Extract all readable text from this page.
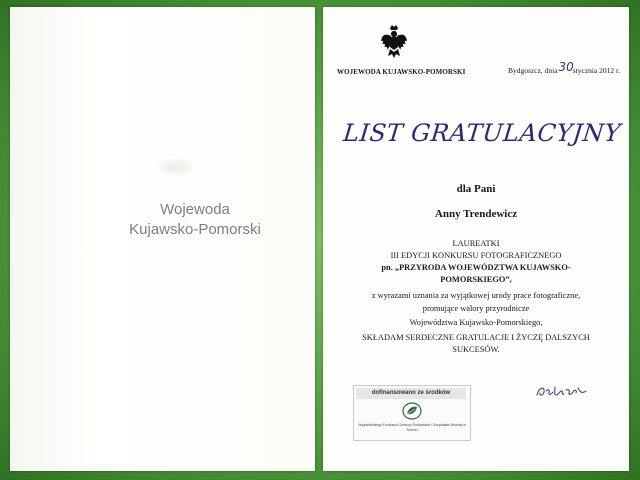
Wojewoda
Kujawsko-Pomorski
WOJEWODA KUJAWSKO-POMORSKI	Bydgoszcz, dnia 30stycznia 2012 r.
LIST GRATULACYJNY
dla Pani
Anny Trendewicz
LAUREATKI
III EDYCJI KONKURSU FOTOGRAFICZNEGO
pn. „PRZYRODA WOJEWÓDZTWA KUJAWSKO-
POMORSKIEGO”,
z wyrazami uznania za wyjątkowej urody prace fotograficzne,
promujące walory przyrodnicze
Województwa Kujawsko-Pomorskiego,
SKŁADAM SERDECZNE GRATULACJE I ŻYCZĘ DALSZYCH
SUKCESÓW.
dofinansowano ze środków
Wojewódzkiego Funduszu Ochrony Środowiska i Gospodarki Wodnej w Toruniu
